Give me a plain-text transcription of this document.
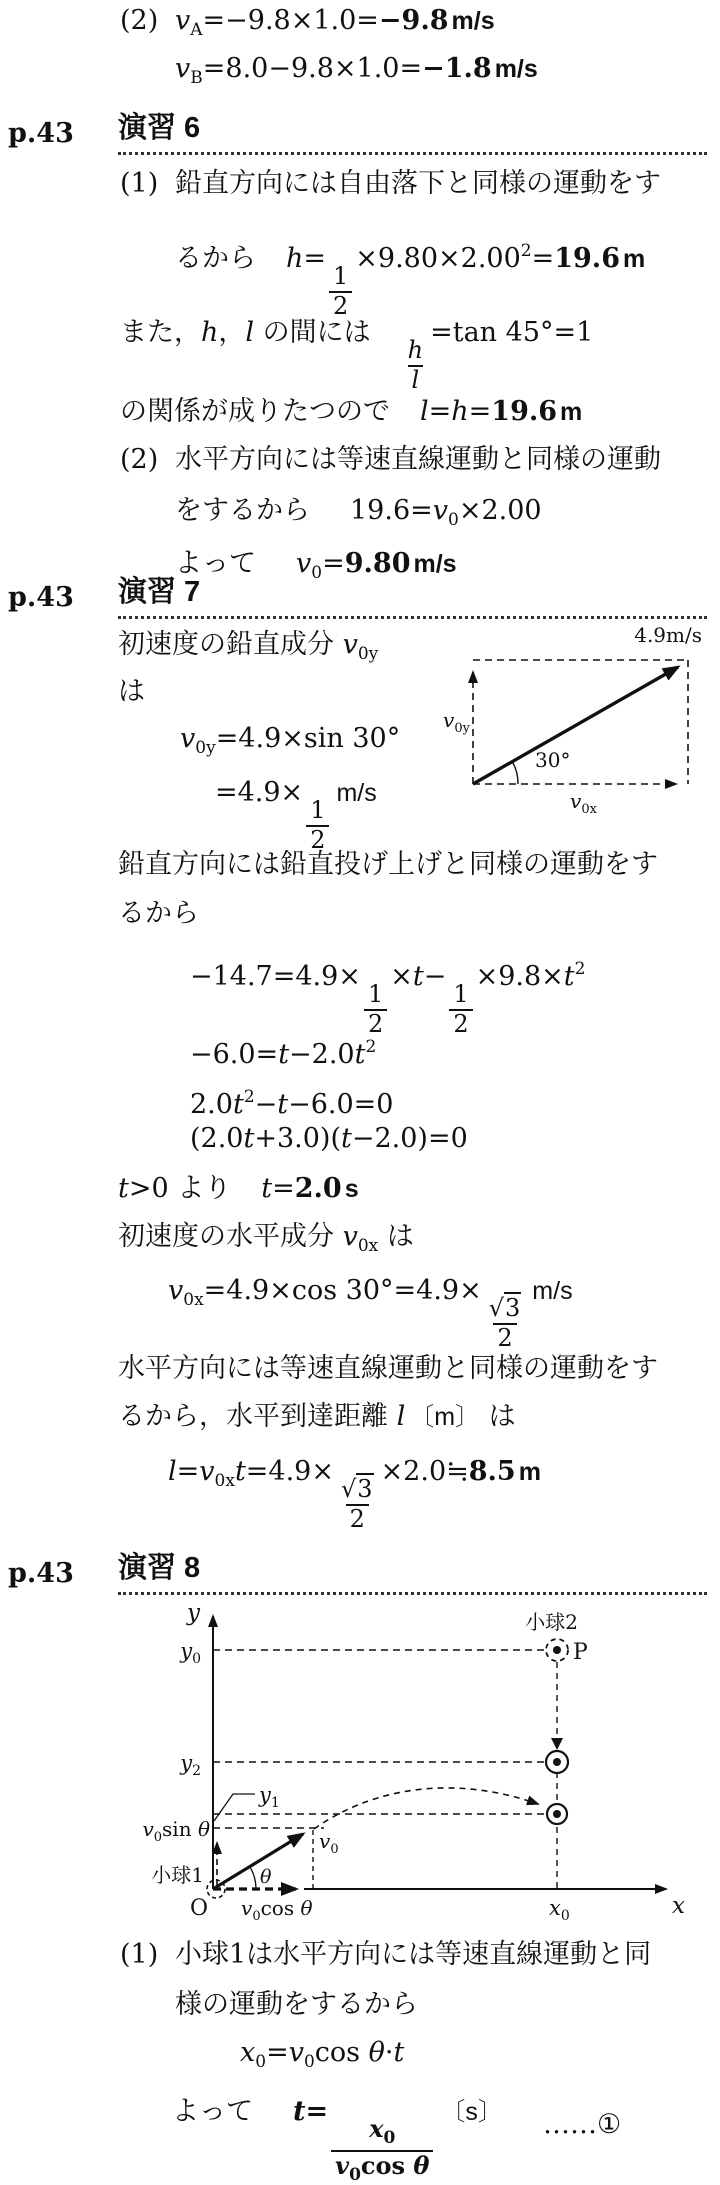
(2) $v_A=-9.8\times 1.0=-9.8$ m/s
$v_B=8.0-9.8\times 1.0=-1.8$ m/s
p.43 演習 6
(1) 鉛直方向には自由落下と同様の運動をす
るから h=
$\frac{1}{2}$
$\times 9.80\times 2.00^2=19.6$ m
また，h，l の間には
$\frac{h}{l}$
=tan 45°=1
の関係が成りたつので l=h=19.6 m
(2) 水平方向には等速直線運動と同様の運動
をするから $19.6=v_0\times 2.00$
よって $v_0=9.80$ m/s
p.43 演習 7
初速度の鉛直成分 $v_{0y}$
は
$v_{0y}=4.9\times\sin$ 30°
=4.9×
$\frac{1}{2}$
m/s
4.9m/s
$v_{0y}$
$v_{0x}$
30°
鉛直方向には鉛直投げ上げと同様の運動をす
るから
−14.7=4.9×
$\frac{1}{2}$
×t−
$\frac{1}{2}$
$\times 9.8\times t^2$
$-6.0=t-2.0t^2$
$2.0t^2-t-6.0=0$
(2.0t+3.0)(t−2.0)=0
t>0 より t=2.0 s
初速度の水平成分 $v_{0x}$ は
$v_{0x}=4.9\times\cos$ 30°=4.9×
$\frac{√3}{2}$
m/s
水平方向には等速直線運動と同様の運動をす
るから，水平到達距離 l 〔m〕 は
$l=v_{0x}t=4.9\times$
$\frac{√3}{2}$
×2.0≒8.5 m
p.43 演習 8
y
x
$y_0$
$y_2$
$y_1$
$v_0\sin$ θ
小球2
P
小球1
O
$v_0$
θ
$v_0\cos$ θ	$x_0$
(1) 小球1は水平方向には等速直線運動と同
様の運動をするから
$x_0=v_0\cos$ θ·t
よって t=
$\frac{x_0}{v_0\cos \theta}$
〔s〕 ……①
